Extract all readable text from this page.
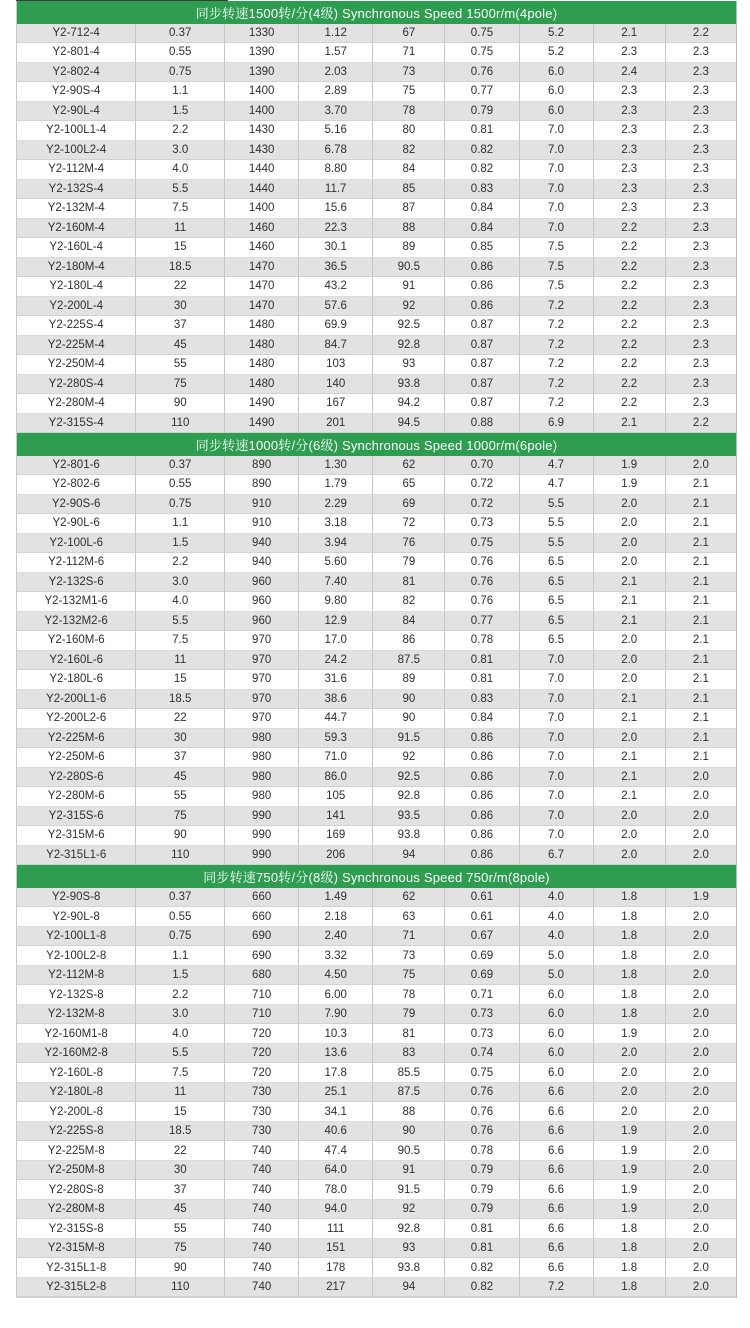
同步转速1500转/分(4级) Synchronous Speed 1500r/m(4pole)
Y2-712-4	0.37	1330	1.12	67	0.75	5.2	2.1	2.2
Y2-801-4	0.55	1390	1.57	71	0.75	5.2	2.3	2.3
Y2-802-4	0.75	1390	2.03	73	0.76	6.0	2.4	2.3
Y2-90S-4	1.1	1400	2.89	75	0.77	6.0	2.3	2.3
Y2-90L-4	1.5	1400	3.70	78	0.79	6.0	2.3	2.3
Y2-100L1-4	2.2	1430	5.16	80	0.81	7.0	2.3	2.3
Y2-100L2-4	3.0	1430	6.78	82	0.82	7.0	2.3	2.3
Y2-112M-4	4.0	1440	8.80	84	0.82	7.0	2.3	2.3
Y2-132S-4	5.5	1440	11.7	85	0.83	7.0	2.3	2.3
Y2-132M-4	7.5	1400	15.6	87	0.84	7.0	2.3	2.3
Y2-160M-4	11	1460	22.3	88	0.84	7.0	2.2	2.3
Y2-160L-4	15	1460	30.1	89	0.85	7.5	2.2	2.3
Y2-180M-4	18.5	1470	36.5	90.5	0.86	7.5	2.2	2.3
Y2-180L-4	22	1470	43.2	91	0.86	7.5	2.2	2.3
Y2-200L-4	30	1470	57.6	92	0.86	7.2	2.2	2.3
Y2-225S-4	37	1480	69.9	92.5	0.87	7.2	2.2	2.3
Y2-225M-4	45	1480	84.7	92.8	0.87	7.2	2.2	2.3
Y2-250M-4	55	1480	103	93	0.87	7.2	2.2	2.3
Y2-280S-4	75	1480	140	93.8	0.87	7.2	2.2	2.3
Y2-280M-4	90	1490	167	94.2	0.87	7.2	2.2	2.3
Y2-315S-4	110	1490	201	94.5	0.88	6.9	2.1	2.2
同步转速1000转/分(6级) Synchronous Speed 1000r/m(6pole)
Y2-801-6	0.37	890	1.30	62	0.70	4.7	1.9	2.0
Y2-802-6	0.55	890	1.79	65	0.72	4.7	1.9	2.1
Y2-90S-6	0.75	910	2.29	69	0.72	5.5	2.0	2.1
Y2-90L-6	1.1	910	3.18	72	0.73	5.5	2.0	2.1
Y2-100L-6	1.5	940	3.94	76	0.75	5.5	2.0	2.1
Y2-112M-6	2.2	940	5.60	79	0.76	6.5	2.0	2.1
Y2-132S-6	3.0	960	7.40	81	0.76	6.5	2.1	2.1
Y2-132M1-6	4.0	960	9.80	82	0.76	6.5	2.1	2.1
Y2-132M2-6	5.5	960	12.9	84	0.77	6.5	2.1	2.1
Y2-160M-6	7.5	970	17.0	86	0.78	6.5	2.0	2.1
Y2-160L-6	11	970	24.2	87.5	0.81	7.0	2.0	2.1
Y2-180L-6	15	970	31.6	89	0.81	7.0	2.0	2.1
Y2-200L1-6	18.5	970	38.6	90	0.83	7.0	2.1	2.1
Y2-200L2-6	22	970	44.7	90	0.84	7.0	2.1	2.1
Y2-225M-6	30	980	59.3	91.5	0.86	7.0	2.0	2.1
Y2-250M-6	37	980	71.0	92	0.86	7.0	2.1	2.1
Y2-280S-6	45	980	86.0	92.5	0.86	7.0	2.1	2.0
Y2-280M-6	55	980	105	92.8	0.86	7.0	2.1	2.0
Y2-315S-6	75	990	141	93.5	0.86	7.0	2.0	2.0
Y2-315M-6	90	990	169	93.8	0.86	7.0	2.0	2.0
Y2-315L1-6	110	990	206	94	0.86	6.7	2.0	2.0
同步转速750转/分(8级) Synchronous Speed 750r/m(8pole)
Y2-90S-8	0.37	660	1.49	62	0.61	4.0	1.8	1.9
Y2-90L-8	0.55	660	2.18	63	0.61	4.0	1.8	2.0
Y2-100L1-8	0.75	690	2.40	71	0.67	4.0	1.8	2.0
Y2-100L2-8	1.1	690	3.32	73	0.69	5.0	1.8	2.0
Y2-112M-8	1.5	680	4.50	75	0.69	5.0	1.8	2.0
Y2-132S-8	2.2	710	6.00	78	0.71	6.0	1.8	2.0
Y2-132M-8	3.0	710	7.90	79	0.73	6.0	1.8	2.0
Y2-160M1-8	4.0	720	10.3	81	0.73	6.0	1.9	2.0
Y2-160M2-8	5.5	720	13.6	83	0.74	6.0	2.0	2.0
Y2-160L-8	7.5	720	17.8	85.5	0.75	6.0	2.0	2.0
Y2-180L-8	11	730	25.1	87.5	0.76	6.6	2.0	2.0
Y2-200L-8	15	730	34.1	88	0.76	6.6	2.0	2.0
Y2-225S-8	18.5	730	40.6	90	0.76	6.6	1.9	2.0
Y2-225M-8	22	740	47.4	90.5	0.78	6.6	1.9	2.0
Y2-250M-8	30	740	64.0	91	0.79	6.6	1.9	2.0
Y2-280S-8	37	740	78.0	91.5	0.79	6.6	1.9	2.0
Y2-280M-8	45	740	94.0	92	0.79	6.6	1.9	2.0
Y2-315S-8	55	740	111	92.8	0.81	6.6	1.8	2.0
Y2-315M-8	75	740	151	93	0.81	6.6	1.8	2.0
Y2-315L1-8	90	740	178	93.8	0.82	6.6	1.8	2.0
Y2-315L2-8	110	740	217	94	0.82	7.2	1.8	2.0
